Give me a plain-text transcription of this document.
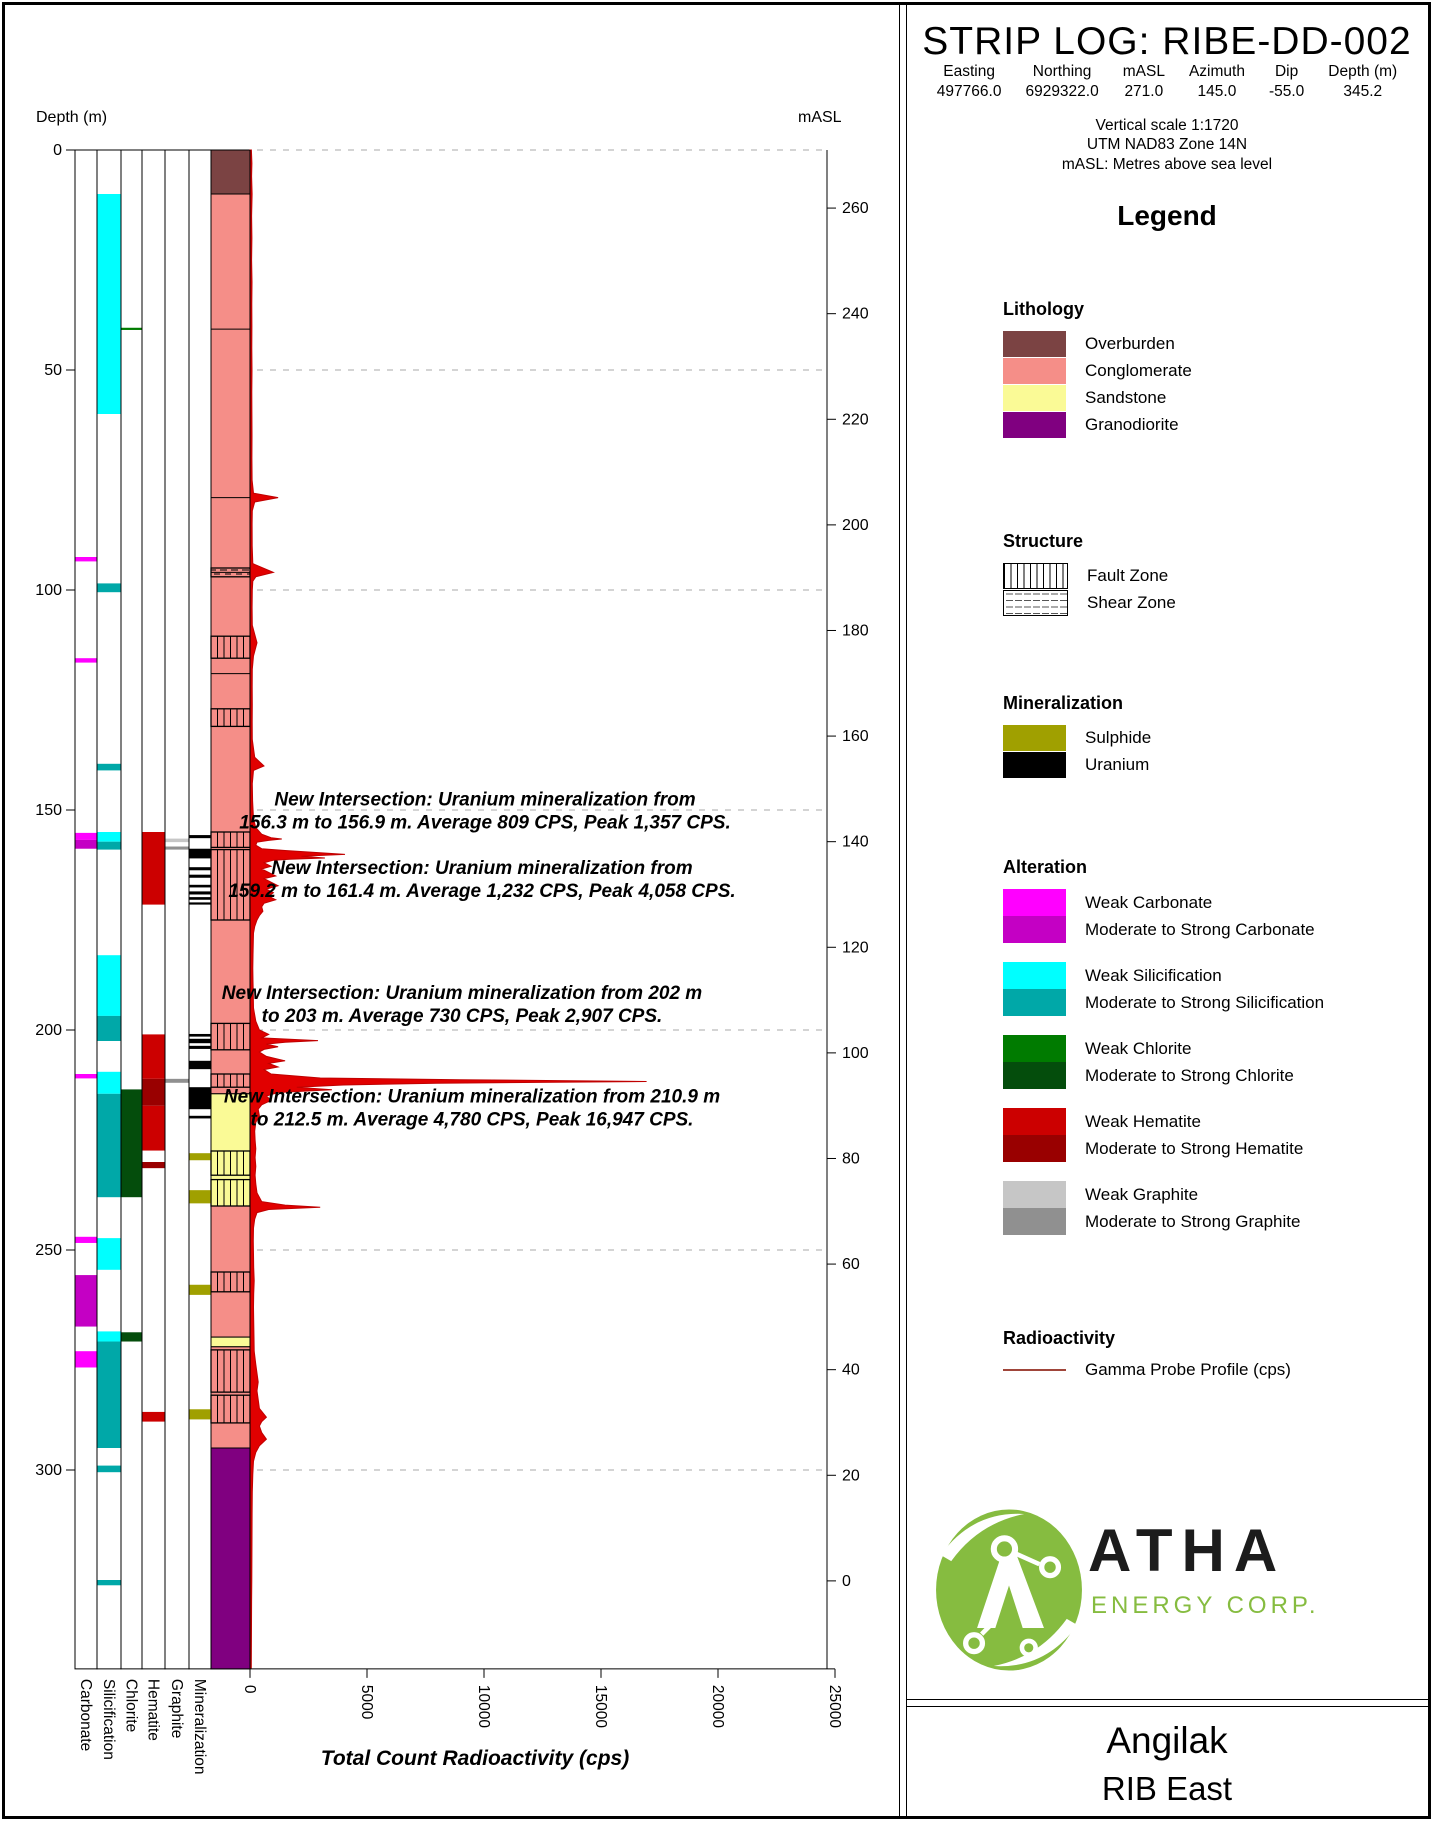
Depth (m)
0
50
100
150
200
250
300
mASL
260
240
220
200
180
160
140
120
100
80
60
40
20
0
0	5000	10000	15000	20000	25000
Total Count Radioactivity (cps)
Carbonate Silicification Chlorite Hematite Graphite Mineralization
New Intersection: Uranium mineralization from 156.3 m to 156.9 m. Average 809 CPS, Peak 1,357 CPS.
New Intersection: Uranium mineralization from 159.2 m to 161.4 m. Average 1,232 CPS, Peak 4,058 CPS.
New Intersection: Uranium mineralization from 202 m to 203 m. Average 730 CPS, Peak 2,907 CPS.
New Intersection: Uranium mineralization from 210.9 m to 212.5 m. Average 4,780 CPS, Peak 16,947 CPS.
STRIP LOG: RIBE-DD-002
Easting
497766.0
Northing
6929322.0
mASL
271.0
Azimuth
145.0
Dip
-55.0
Depth (m)
345.2
Vertical scale 1:1720
UTM NAD83 Zone 14N
mASL: Metres above sea level
Legend
Lithology
Overburden
Conglomerate
Sandstone
Granodiorite
Structure
Fault Zone
Shear Zone
Mineralization
Sulphide
Uranium
Alteration
Weak Carbonate
Moderate to Strong Carbonate
Weak Silicification
Moderate to Strong Silicification
Weak Chlorite
Moderate to Strong Chlorite
Weak Hematite
Moderate to Strong Hematite
Weak Graphite
Moderate to Strong Graphite
Radioactivity
Gamma Probe Profile (cps)
ATHA
ENERGY CORP.
Angilak
RIB East
